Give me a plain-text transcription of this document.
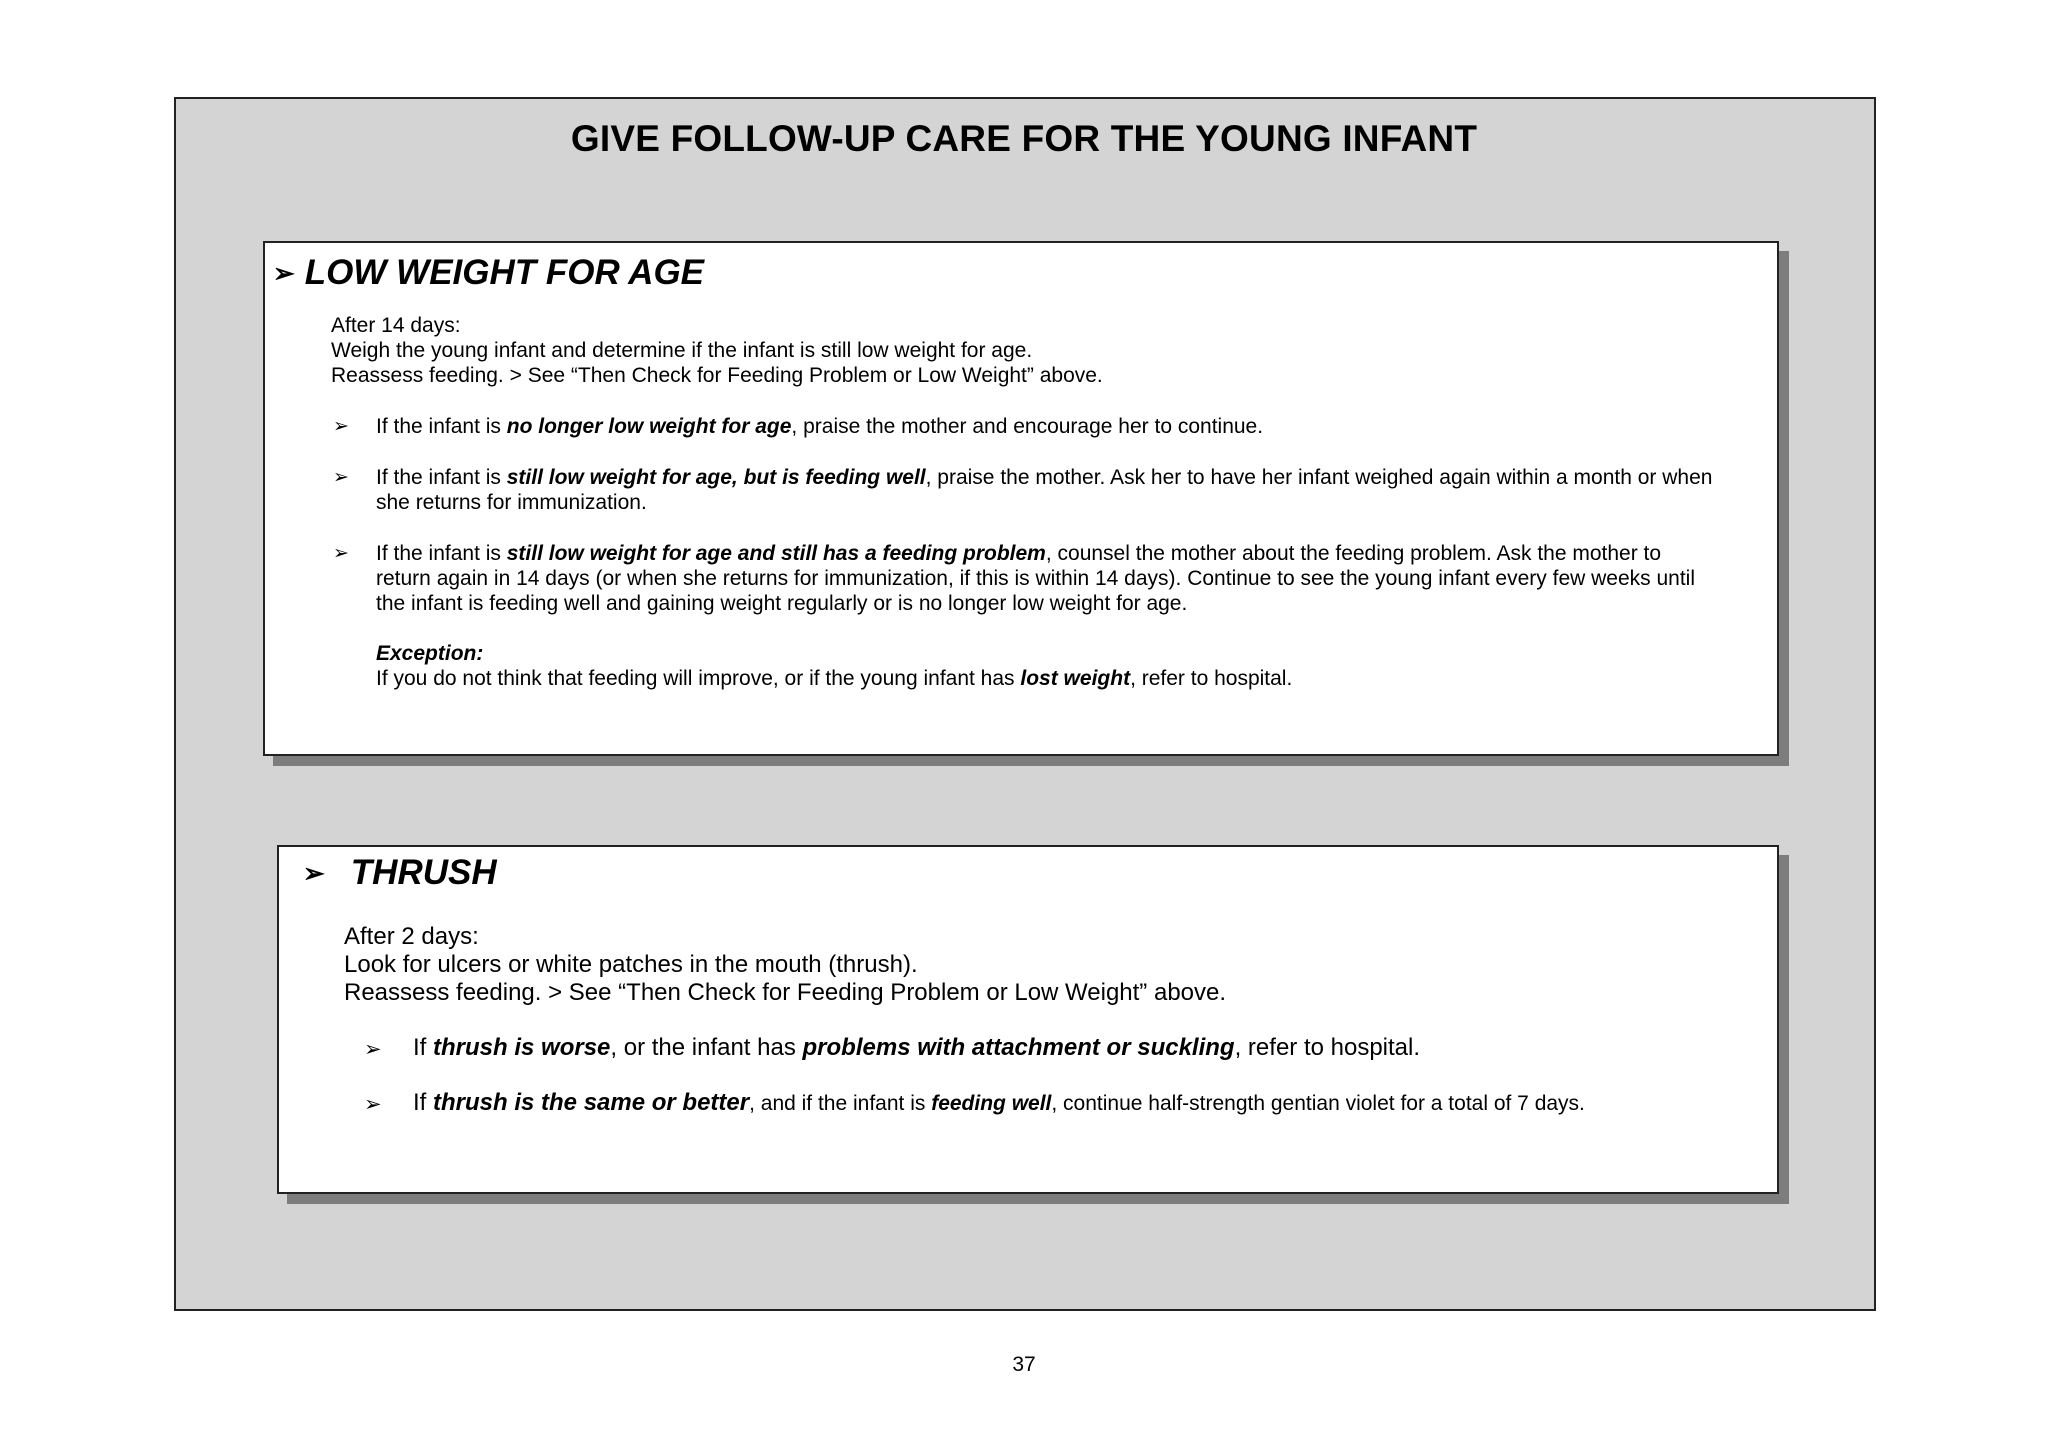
GIVE FOLLOW-UP CARE FOR THE YOUNG INFANT
➢ LOW WEIGHT FOR AGE
After 14 days:
Weigh the young infant and determine if the infant is still low weight for age.
Reassess feeding. > See “Then Check for Feeding Problem or Low Weight” above.
➢ If the infant is no longer low weight for age, praise the mother and encourage her to continue.
➢ If the infant is still low weight for age, but is feeding well, praise the mother. Ask her to have her infant weighed again within a month or when she returns for immunization.
➢ If the infant is still low weight for age and still has a feeding problem, counsel the mother about the feeding problem. Ask the mother to return again in 14 days (or when she returns for immunization, if this is within 14 days). Continue to see the young infant every few weeks until the infant is feeding well and gaining weight regularly or is no longer low weight for age.
Exception:
If you do not think that feeding will improve, or if the young infant has lost weight, refer to hospital.
➢ THRUSH
After 2 days:
Look for ulcers or white patches in the mouth (thrush).
Reassess feeding. > See “Then Check for Feeding Problem or Low Weight” above.
➢ If thrush is worse, or the infant has problems with attachment or suckling, refer to hospital.
➢ If thrush is the same or better, and if the infant is feeding well, continue half-strength gentian violet for a total of 7 days.
37
